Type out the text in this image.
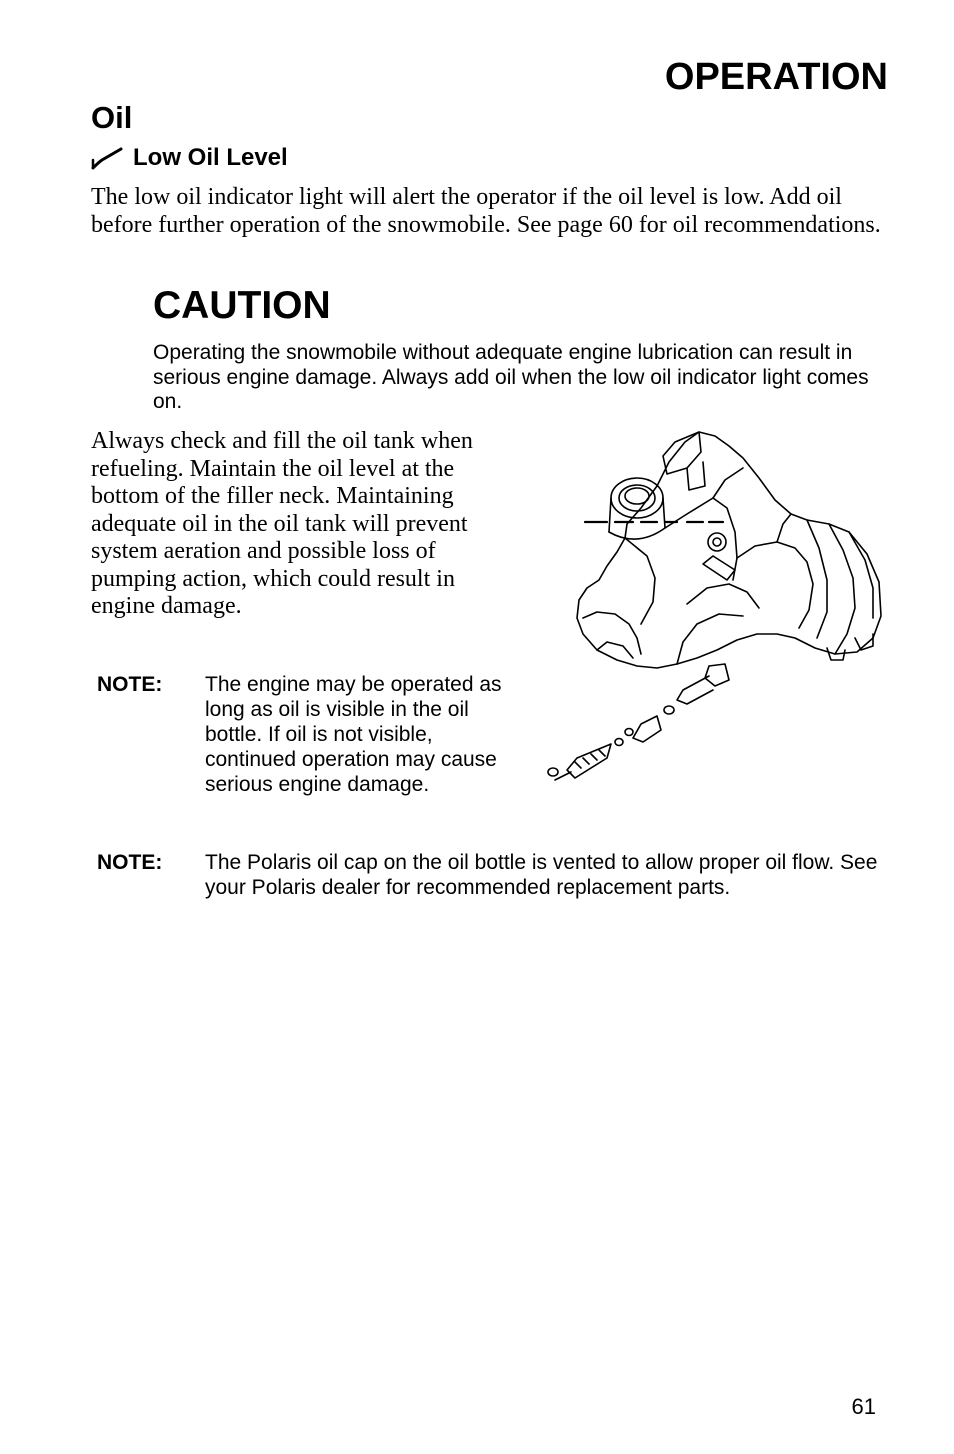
OPERATION
Oil
Low Oil Level

The low oil indicator light will alert the operator if the oil level is low. Add oil before further operation of the snowmobile. See page 60 for oil recommendations.

CAUTION

Operating the snowmobile without adequate engine lubrication can result in serious engine damage. Always add oil when the low oil indicator light comes on.

Always check and fill the oil tank when refueling. Maintain the oil level at the bottom of the filler neck. Maintaining adequate oil in the oil tank will prevent system aeration and possible loss of pumping action, which could result in engine damage.

NOTE:	The engine may be operated as long as oil is visible in the oil bottle. If oil is not visible, continued operation may cause serious engine damage.
NOTE:	The Polaris oil cap on the oil bottle is vented to allow proper oil flow. See your Polaris dealer for recommended replacement parts.

61
